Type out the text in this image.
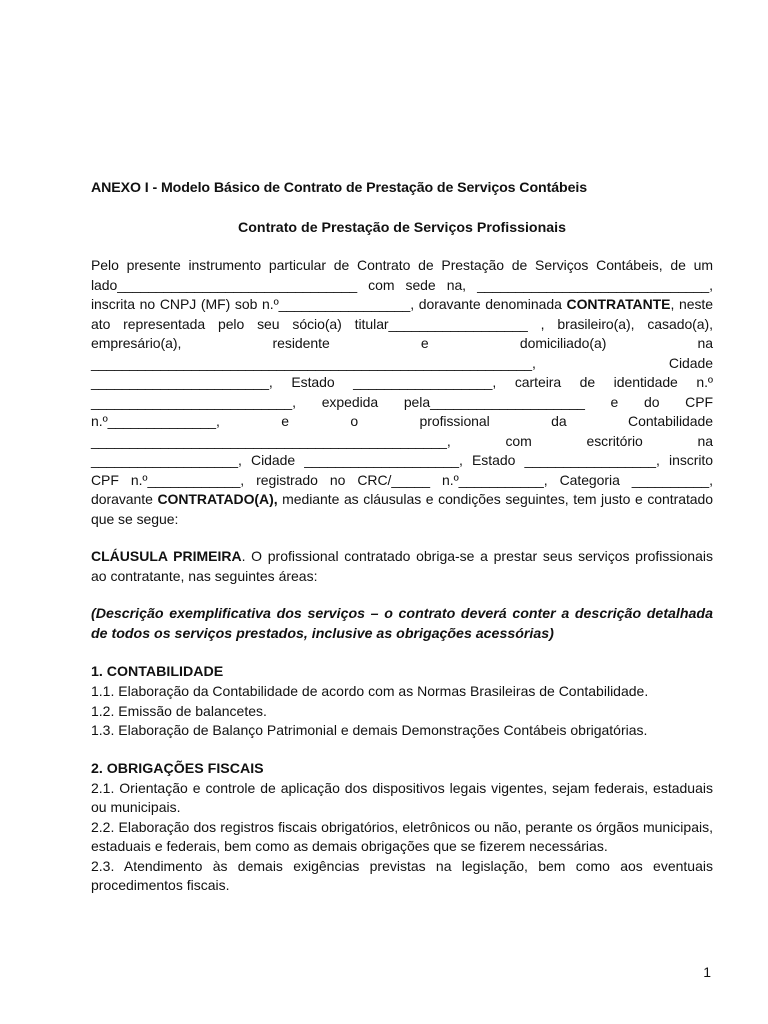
ANEXO I - Modelo Básico de Contrato de Prestação de Serviços Contábeis
Contrato de Prestação de Serviços Profissionais

Pelo presente instrumento particular de Contrato de Prestação de Serviços Contábeis, de um lado_______________________________ com sede na, ______________________________, inscrita no CNPJ (MF) sob n.º_________________, doravante denominada CONTRATANTE, neste ato representada pelo seu sócio(a) titular__________________ , brasileiro(a), casado(a), empresário(a), residente e domiciliado(a) na _________________________________________________________, Cidade _______________________, Estado __________________, carteira de identidade n.º __________________________, expedida pela____________________ e do CPF n.º______________, e o profissional da Contabilidade ______________________________________________, com escritório na ___________________, Cidade ____________________, Estado _________________, inscrito CPF n.º____________, registrado no CRC/_____ n.º___________, Categoria __________, doravante CONTRATADO(A), mediante as cláusulas e condições seguintes, tem justo e contratado que se segue:

CLÁUSULA PRIMEIRA. O profissional contratado obriga-se a prestar seus serviços profissionais ao contratante, nas seguintes áreas:

(Descrição exemplificativa dos serviços – o contrato deverá conter a descrição detalhada de todos os serviços prestados, inclusive as obrigações acessórias)

1. CONTABILIDADE

1.1. Elaboração da Contabilidade de acordo com as Normas Brasileiras de Contabilidade.

1.2. Emissão de balancetes.

1.3. Elaboração de Balanço Patrimonial e demais Demonstrações Contábeis obrigatórias.

2. OBRIGAÇÕES FISCAIS

2.1. Orientação e controle de aplicação dos dispositivos legais vigentes, sejam federais, estaduais ou municipais.

2.2. Elaboração dos registros fiscais obrigatórios, eletrônicos ou não, perante os órgãos municipais, estaduais e federais, bem como as demais obrigações que se fizerem necessárias.

2.3. Atendimento às demais exigências previstas na legislação, bem como aos eventuais procedimentos fiscais.

1
